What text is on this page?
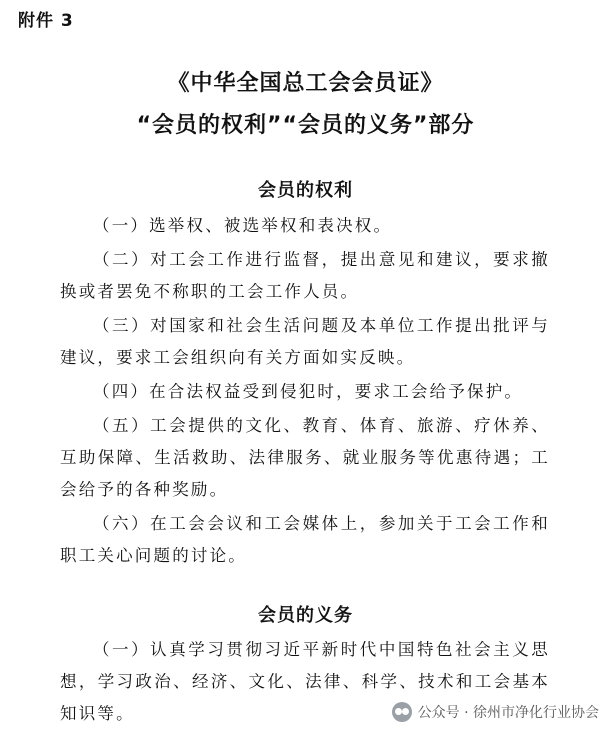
附件 3
《中华全国总工会会员证》
“会员的权利”“会员的义务”部分
会员的权利

（一）选举权、被选举权和表决权。

（二）对工会工作进行监督，提出意见和建议，要求撤换或者罢免不称职的工会工作人员。

（三）对国家和社会生活问题及本单位工作提出批评与建议，要求工会组织向有关方面如实反映。

（四）在合法权益受到侵犯时，要求工会给予保护。

（五）工会提供的文化、教育、体育、旅游、疗休养、互助保障、生活救助、法律服务、就业服务等优惠待遇；工会给予的各种奖励。

（六）在工会会议和工会媒体上，参加关于工会工作和职工关心问题的讨论。

会员的义务

（一）认真学习贯彻习近平新时代中国特色社会主义思想，学习政治、经济、文化、法律、科学、技术和工会基本知识等。	公众号 · 徐州市净化行业协会
